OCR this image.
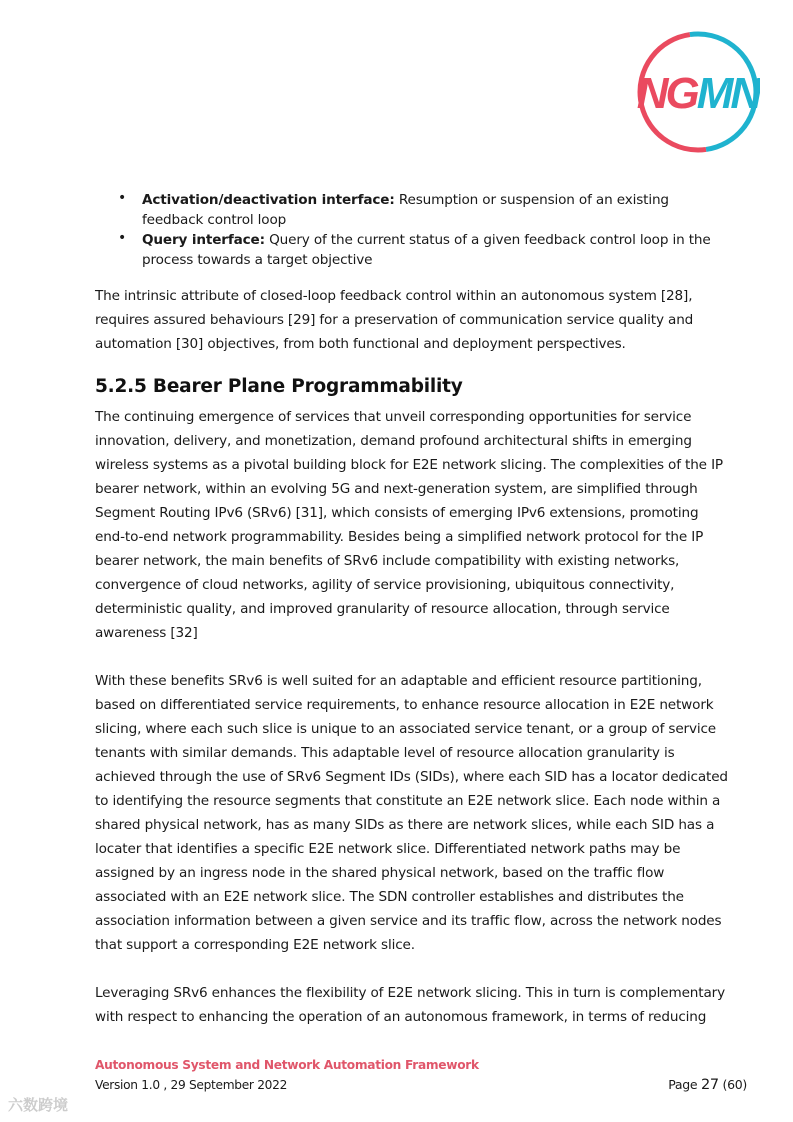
NGMN
• Activation/deactivation interface: Resumption or suspension of an existing
feedback control loop
• Query interface: Query of the current status of a given feedback control loop in the
process towards a target objective
The intrinsic attribute of closed-loop feedback control within an autonomous system [28],
requires assured behaviours [29] for a preservation of communication service quality and
automation [30] objectives, from both functional and deployment perspectives.
5.2.5 Bearer Plane Programmability
The continuing emergence of services that unveil corresponding opportunities for service
innovation, delivery, and monetization, demand profound architectural shifts in emerging
wireless systems as a pivotal building block for E2E network slicing. The complexities of the IP
bearer network, within an evolving 5G and next-generation system, are simplified through
Segment Routing IPv6 (SRv6) [31], which consists of emerging IPv6 extensions, promoting
end-to-end network programmability. Besides being a simplified network protocol for the IP
bearer network, the main benefits of SRv6 include compatibility with existing networks,
convergence of cloud networks, agility of service provisioning, ubiquitous connectivity,
deterministic quality, and improved granularity of resource allocation, through service
awareness [32]
With these benefits SRv6 is well suited for an adaptable and efficient resource partitioning,
based on differentiated service requirements, to enhance resource allocation in E2E network
slicing, where each such slice is unique to an associated service tenant, or a group of service
tenants with similar demands. This adaptable level of resource allocation granularity is
achieved through the use of SRv6 Segment IDs (SIDs), where each SID has a locator dedicated
to identifying the resource segments that constitute an E2E network slice. Each node within a
shared physical network, has as many SIDs as there are network slices, while each SID has a
locater that identifies a specific E2E network slice. Differentiated network paths may be
assigned by an ingress node in the shared physical network, based on the traffic flow
associated with an E2E network slice. The SDN controller establishes and distributes the
association information between a given service and its traffic flow, across the network nodes
that support a corresponding E2E network slice.
Leveraging SRv6 enhances the flexibility of E2E network slicing. This in turn is complementary
with respect to enhancing the operation of an autonomous framework, in terms of reducing
Autonomous System and Network Automation Framework
Version 1.0 , 29 September 2022	Page 27 (60)
六数跨境
